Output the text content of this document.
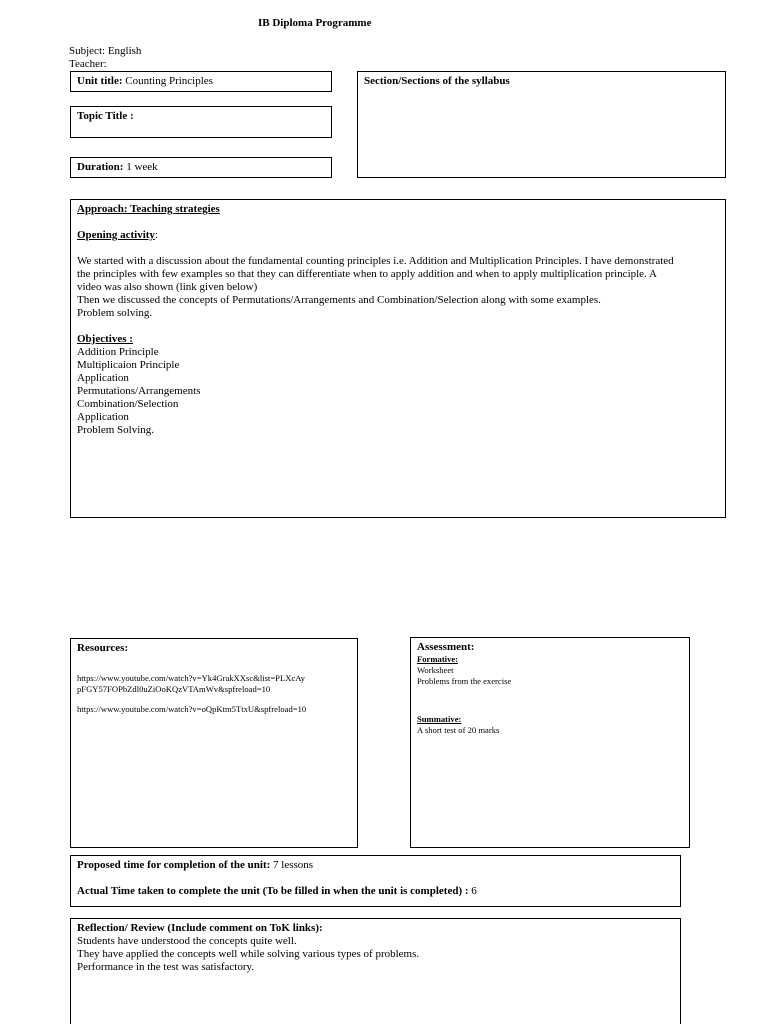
IB Diploma Programme
Subject: English
Teacher:
Unit title: Counting Principles
Topic Title :
Duration: 1 week
Section/Sections of the syllabus
Approach: Teaching strategies
Opening activity:
We started with a discussion about the fundamental counting principles i.e. Addition and Multiplication Principles. I have demonstrated
the principles with few examples so that they can differentiate when to apply addition and when to apply multiplication principle. A
video was also shown (link given below)
Then we discussed the concepts of Permutations/Arrangements and Combination/Selection along with some examples.
Problem solving.
Objectives :
Addition Principle
Multiplicaion Principle
Application
Permutations/Arrangements
Combination/Selection
Application
Problem Solving.
Resources:
https://www.youtube.com/watch?v=Yk4GrakXXsc&list=PLXcAy
pFGY57FOPbZdl0uZiOoKQzVTAmWv&spfreload=10
https://www.youtube.com/watch?v=oQpKtm5TtxU&spfreload=10
Assessment:
Formative:
Worksheet
Problems from the exercise
Summative:
A short test of 20 marks
Proposed time for completion of the unit: 7 lessons
Actual Time taken to complete the unit (To be filled in when the unit is completed) : 6
Reflection/ Review (Include comment on ToK links):
Students have understood the concepts quite well.
They have applied the concepts well while solving various types of problems.
Performance in the test was satisfactory.
